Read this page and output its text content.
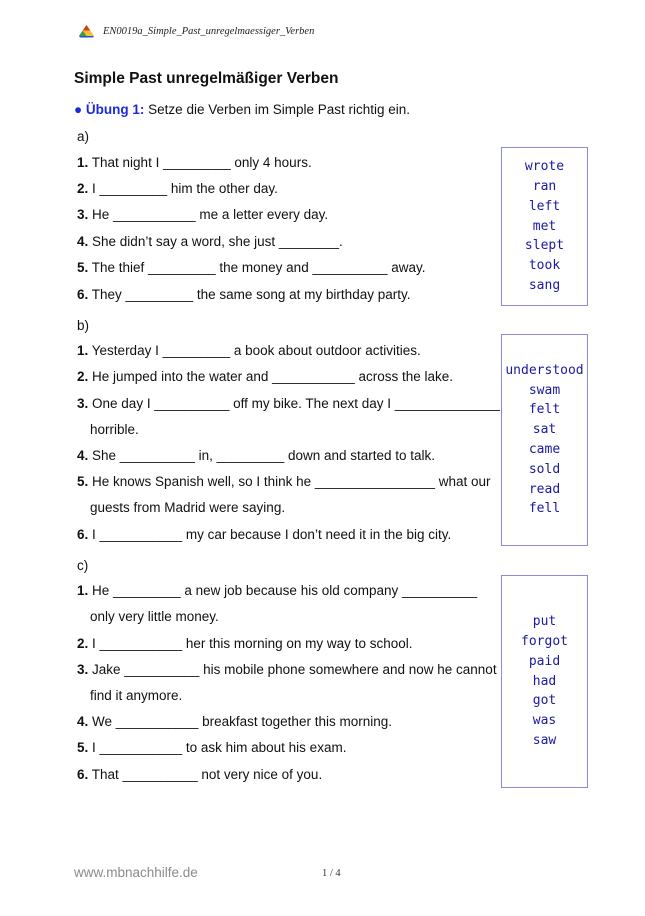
EN0019a_Simple_Past_unregelmaessiger_Verben
Simple Past unregelmäßiger Verben
● Übung 1: Setze die Verben im Simple Past richtig ein.
a)
1. That night I _________ only 4 hours.
2. I _________ him the other day.
3. He ___________ me a letter every day.
4. She didn’t say a word, she just ________.
5. The thief _________ the money and __________ away.
6. They _________ the same song at my birthday party.
wrote
ran
left
met
slept
took
sang
b)
1. Yesterday I _________ a book about outdoor activities.
2. He jumped into the water and ___________ across the lake.
3. One day I __________ off my bike. The next day I ______________
horrible.
4. She __________ in, _________ down and started to talk.
5. He knows Spanish well, so I think he ________________ what our
guests from Madrid were saying.
6. I ___________ my car because I don’t need it in the big city.
understood
swam
felt
sat
came
sold
read
fell
c)
1. He _________ a new job because his old company __________
only very little money.
2. I ___________ her this morning on my way to school.
3. Jake __________ his mobile phone somewhere and now he cannot
find it anymore.
4. We ___________ breakfast together this morning.
5. I ___________ to ask him about his exam.
6. That __________ not very nice of you.
put
forgot
paid
had
got
was
saw
www.mbnachhilfe.de	1 / 4
